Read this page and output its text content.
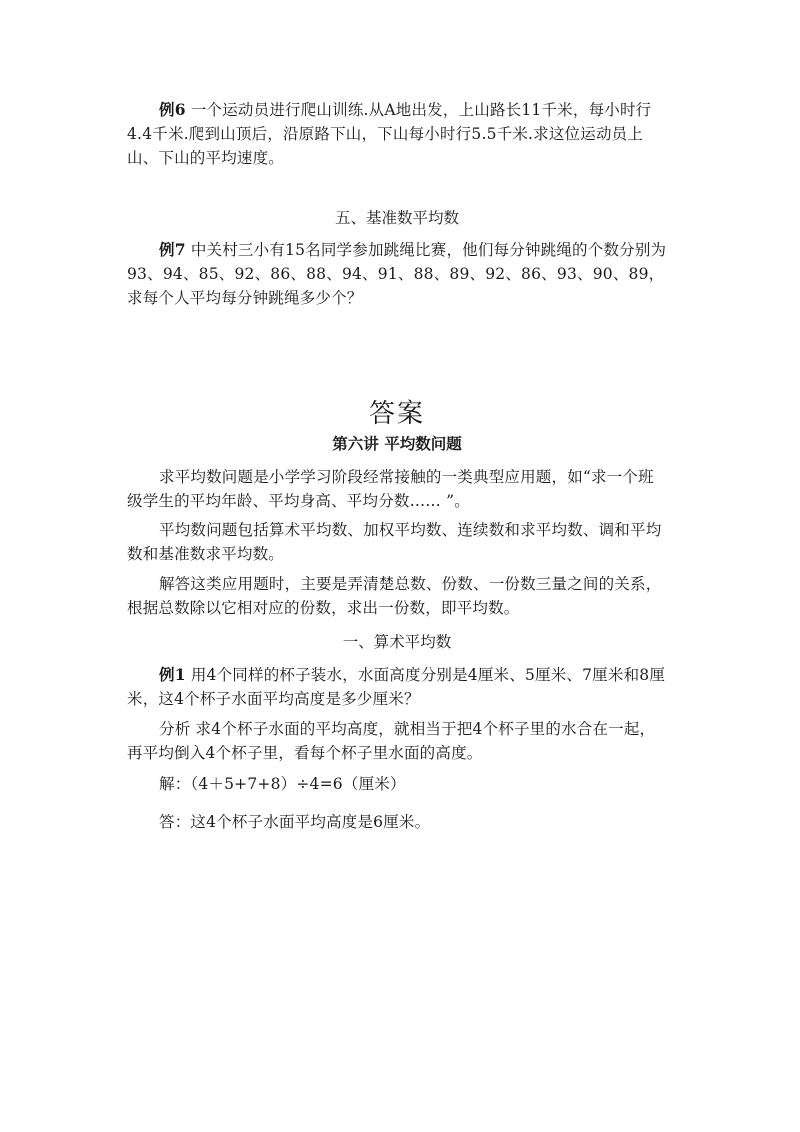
例6 一个运动员进行爬山训练.从A地出发，上山路长11千米，每小时行4.4千米.爬到山顶后，沿原路下山，下山每小时行5.5千米.求这位运动员上山、下山的平均速度。
五、基准数平均数
例7 中关村三小有15名同学参加跳绳比赛，他们每分钟跳绳的个数分别为93、94、85、92、86、88、94、91、88、89、92、86、93、90、89，求每个人平均每分钟跳绳多少个？
答案
第六讲 平均数问题
求平均数问题是小学学习阶段经常接触的一类典型应用题，如“求一个班级学生的平均年龄、平均身高、平均分数…… ”。
平均数问题包括算术平均数、加权平均数、连续数和求平均数、调和平均数和基准数求平均数。
解答这类应用题时，主要是弄清楚总数、份数、一份数三量之间的关系，根据总数除以它相对应的份数，求出一份数，即平均数。
一、算术平均数
例1 用4个同样的杯子装水，水面高度分别是4厘米、5厘米、7厘米和8厘米，这4个杯子水面平均高度是多少厘米？
分析 求4个杯子水面的平均高度，就相当于把4个杯子里的水合在一起，再平均倒入4个杯子里，看每个杯子里水面的高度。
解：（4＋5+7+8）÷4=6（厘米）
答：这4个杯子水面平均高度是6厘米。
